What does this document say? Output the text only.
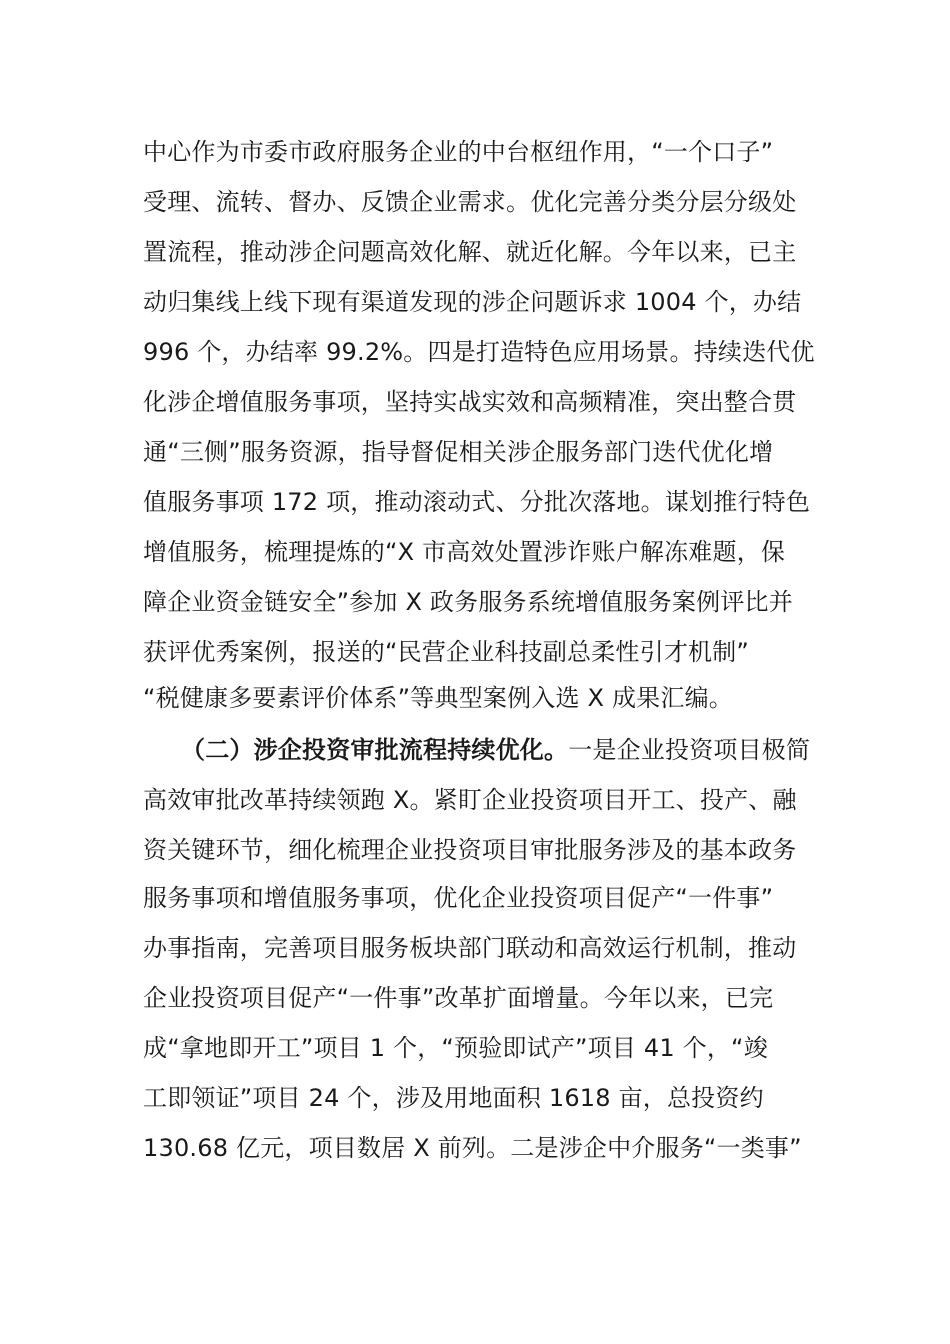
中心作为市委市政府服务企业的中台枢纽作用，“一个口子”
受理、流转、督办、反馈企业需求。优化完善分类分层分级处
置流程，推动涉企问题高效化解、就近化解。今年以来，已主
动归集线上线下现有渠道发现的涉企问题诉求 1004 个，办结
996 个，办结率 99.2%。四是打造特色应用场景。持续迭代优
化涉企增值服务事项，坚持实战实效和高频精准，突出整合贯
通“三侧”服务资源，指导督促相关涉企服务部门迭代优化增
值服务事项 172 项，推动滚动式、分批次落地。谋划推行特色
增值服务，梳理提炼的“X 市高效处置涉诈账户解冻难题，保
障企业资金链安全”参加 X 政务服务系统增值服务案例评比并
获评优秀案例，报送的“民营企业科技副总柔性引才机制”
“税健康多要素评价体系”等典型案例入选 X 成果汇编。
（二）涉企投资审批流程持续优化。一是企业投资项目极简
高效审批改革持续领跑 X。紧盯企业投资项目开工、投产、融
资关键环节，细化梳理企业投资项目审批服务涉及的基本政务
服务事项和增值服务事项，优化企业投资项目促产“一件事”
办事指南，完善项目服务板块部门联动和高效运行机制，推动
企业投资项目促产“一件事”改革扩面增量。今年以来，已完
成“拿地即开工”项目 1 个，“预验即试产”项目 41 个，“竣
工即领证”项目 24 个，涉及用地面积 1618 亩，总投资约
130.68 亿元，项目数居 X 前列。二是涉企中介服务“一类事”
